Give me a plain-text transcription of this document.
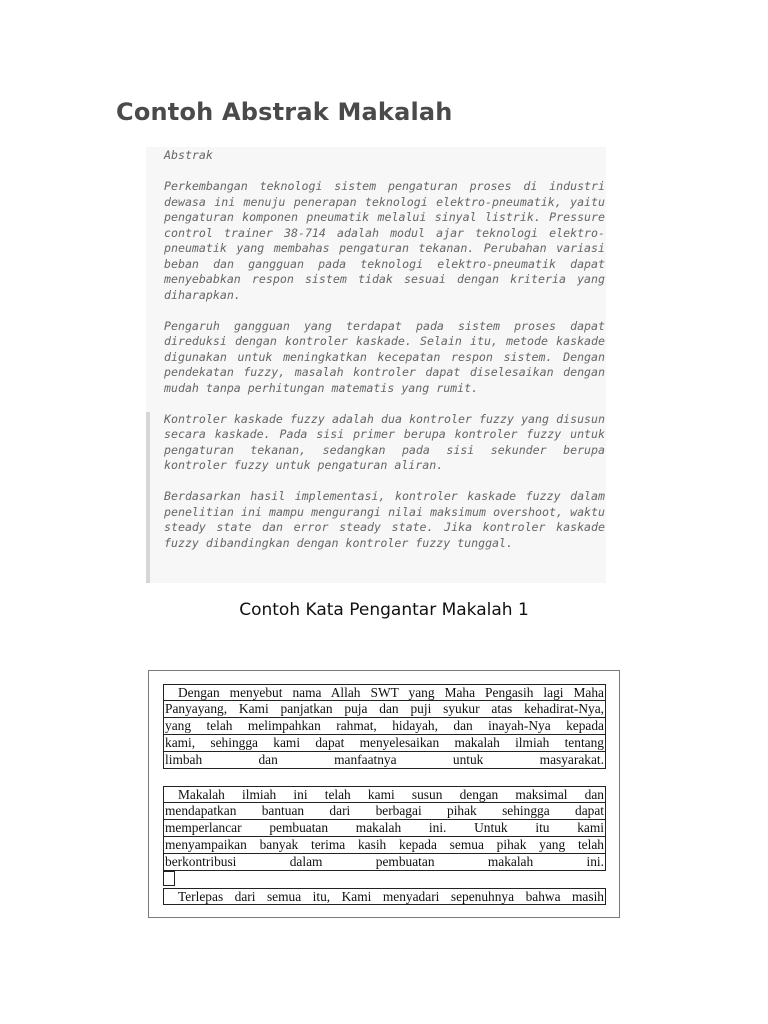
Contoh Abstrak Makalah

Abstrak

Perkembangan teknologi sistem pengaturan proses di industri dewasa ini menuju penerapan teknologi elektro-pneumatik, yaitu pengaturan komponen pneumatik melalui sinyal listrik. Pressure control trainer 38-714 adalah modul ajar teknologi elektro-pneumatik yang membahas pengaturan tekanan. Perubahan variasi beban dan gangguan pada teknologi elektro-pneumatik dapat menyebabkan respon sistem tidak sesuai dengan kriteria yang diharapkan.

Pengaruh gangguan yang terdapat pada sistem proses dapat direduksi dengan kontroler kaskade. Selain itu, metode kaskade digunakan untuk meningkatkan kecepatan respon sistem. Dengan pendekatan fuzzy, masalah kontroler dapat diselesaikan dengan mudah tanpa perhitungan matematis yang rumit.

Kontroler kaskade fuzzy adalah dua kontroler fuzzy yang disusun secara kaskade. Pada sisi primer berupa kontroler fuzzy untuk pengaturan tekanan, sedangkan pada sisi sekunder berupa kontroler fuzzy untuk pengaturan aliran.

Berdasarkan hasil implementasi, kontroler kaskade fuzzy dalam penelitian ini mampu mengurangi nilai maksimum overshoot, waktu steady state dan error steady state. Jika kontroler kaskade fuzzy dibandingkan dengan kontroler fuzzy tunggal.

Contoh Kata Pengantar Makalah 1
Dengan menyebut nama Allah SWT yang Maha Pengasih lagi Maha
Panyayang, Kami panjatkan puja dan puji syukur atas kehadirat-Nya,
yang telah melimpahkan rahmat, hidayah, dan inayah-Nya kepada
kami, sehingga kami dapat menyelesaikan makalah ilmiah tentang
limbah dan manfaatnya untuk masyarakat.
Makalah ilmiah ini telah kami susun dengan maksimal dan
mendapatkan bantuan dari berbagai pihak sehingga dapat
memperlancar pembuatan makalah ini. Untuk itu kami
menyampaikan banyak terima kasih kepada semua pihak yang telah
berkontribusi dalam pembuatan makalah ini.
Terlepas dari semua itu, Kami menyadari sepenuhnya bahwa masih
